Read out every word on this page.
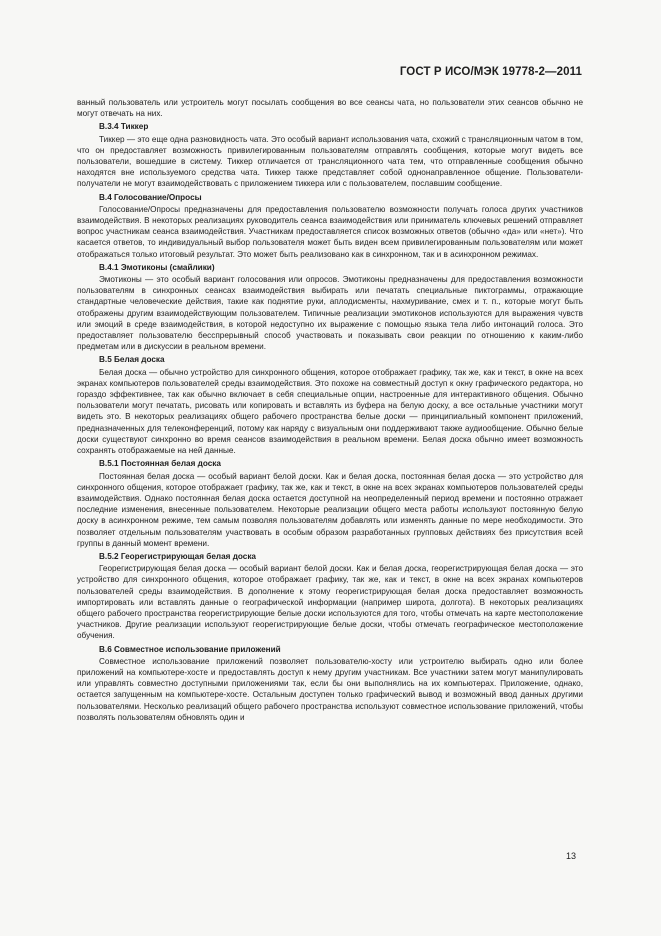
ГОСТ Р ИСО/МЭК 19778-2—2011

ванный пользователь или устроитель могут посылать сообщения во все сеансы чата, но пользователи этих сеансов обычно не могут отвечать на них.

B.3.4 Тиккер

Тиккер — это еще одна разновидность чата. Это особый вариант использования чата, схожий с трансляционным чатом в том, что он предоставляет возможность привилегированным пользователям отправлять сообщения, которые могут видеть все пользователи, вошедшие в систему. Тиккер отличается от трансляционного чата тем, что отправленные сообщения обычно находятся вне используемого средства чата. Тиккер также представляет собой однонаправленное общение. Пользователи-получатели не могут взаимодействовать с приложением тиккера или с пользователем, пославшим сообщение.

B.4 Голосование/Опросы

Голосование/Опросы предназначены для предоставления пользователю возможности получать голоса других участников взаимодействия. В некоторых реализациях руководитель сеанса взаимодействия или приниматель ключевых решений отправляет вопрос участникам сеанса взаимодействия. Участникам предоставляется список возможных ответов (обычно «да» или «нет»). Что касается ответов, то индивидуальный выбор пользователя может быть виден всем привилегированным пользователям или может отображаться только итоговый результат. Это может быть реализовано как в синхронном, так и в асинхронном режимах.

B.4.1 Эмотиконы (смайлики)

Эмотиконы — это особый вариант голосования или опросов. Эмотиконы предназначены для предоставления возможности пользователям в синхронных сеансах взаимодействия выбирать или печатать специальные пиктограммы, отражающие стандартные человеческие действия, такие как поднятие руки, аплодисменты, нахмуривание, смех и т. п., которые могут быть отображены другим взаимодействующим пользователем. Типичные реализации эмотиконов используются для выражения чувств или эмоций в среде взаимодействия, в которой недоступно их выражение с помощью языка тела либо интонаций голоса. Это предоставляет пользователю бесспрерывный способ участвовать и показывать свои реакции по отношению к каким-либо предметам или в дискуссии в реальном времени.

B.5 Белая доска

Белая доска — обычно устройство для синхронного общения, которое отображает графику, так же, как и текст, в окне на всех экранах компьютеров пользователей среды взаимодействия. Это похоже на совместный доступ к окну графического редактора, но гораздо эффективнее, так как обычно включает в себя специальные опции, настроенные для интерактивного общения. Обычно пользователи могут печатать, рисовать или копировать и вставлять из буфера на белую доску, а все остальные участники могут видеть это. В некоторых реализациях общего рабочего пространства белые доски — принципиальный компонент приложений, предназначенных для телеконференций, потому как наряду с визуальным они поддерживают также аудиообщение. Обычно белые доски существуют синхронно во время сеансов взаимодействия в реальном времени. Белая доска обычно имеет возможность сохранять отображаемые на ней данные.

B.5.1 Постоянная белая доска

Постоянная белая доска — особый вариант белой доски. Как и белая доска, постоянная белая доска — это устройство для синхронного общения, которое отображает графику, так же, как и текст, в окне на всех экранах компьютеров пользователей среды взаимодействия. Однако постоянная белая доска остается доступной на неопределенный период времени и постоянно отражает последние изменения, внесенные пользователем. Некоторые реализации общего места работы используют постоянную белую доску в асинхронном режиме, тем самым позволяя пользователям добавлять или изменять данные по мере необходимости. Это позволяет отдельным пользователям участвовать в особым образом разработанных групповых действиях без присутствия всей группы в данный момент времени.

B.5.2 Георегистрирующая белая доска

Георегистрирующая белая доска — особый вариант белой доски. Как и белая доска, георегистрирующая белая доска — это устройство для синхронного общения, которое отображает графику, так же, как и текст, в окне на всех экранах компьютеров пользователей среды взаимодействия. В дополнение к этому георегистрирующая белая доска предоставляет возможность импортировать или вставлять данные о географической информации (например широта, долгота). В некоторых реализациях общего рабочего пространства георегистрирующие белые доски используются для того, чтобы отмечать на карте местоположение участников. Другие реализации используют георегистрирующие белые доски, чтобы отмечать географическое местоположение обучения.

B.6 Совместное использование приложений

Совместное использование приложений позволяет пользователю-хосту или устроителю выбирать одно или более приложений на компьютере-хосте и предоставлять доступ к нему другим участникам. Все участники затем могут манипулировать или управлять совместно доступными приложениями так, если бы они выполнялись на их компьютерах. Приложение, однако, остается запущенным на компьютере-хосте. Остальным доступен только графический вывод и возможный ввод данных другими пользователями. Несколько реализаций общего рабочего пространства используют совместное использование приложений, чтобы позволять пользователям обновлять один и

13
